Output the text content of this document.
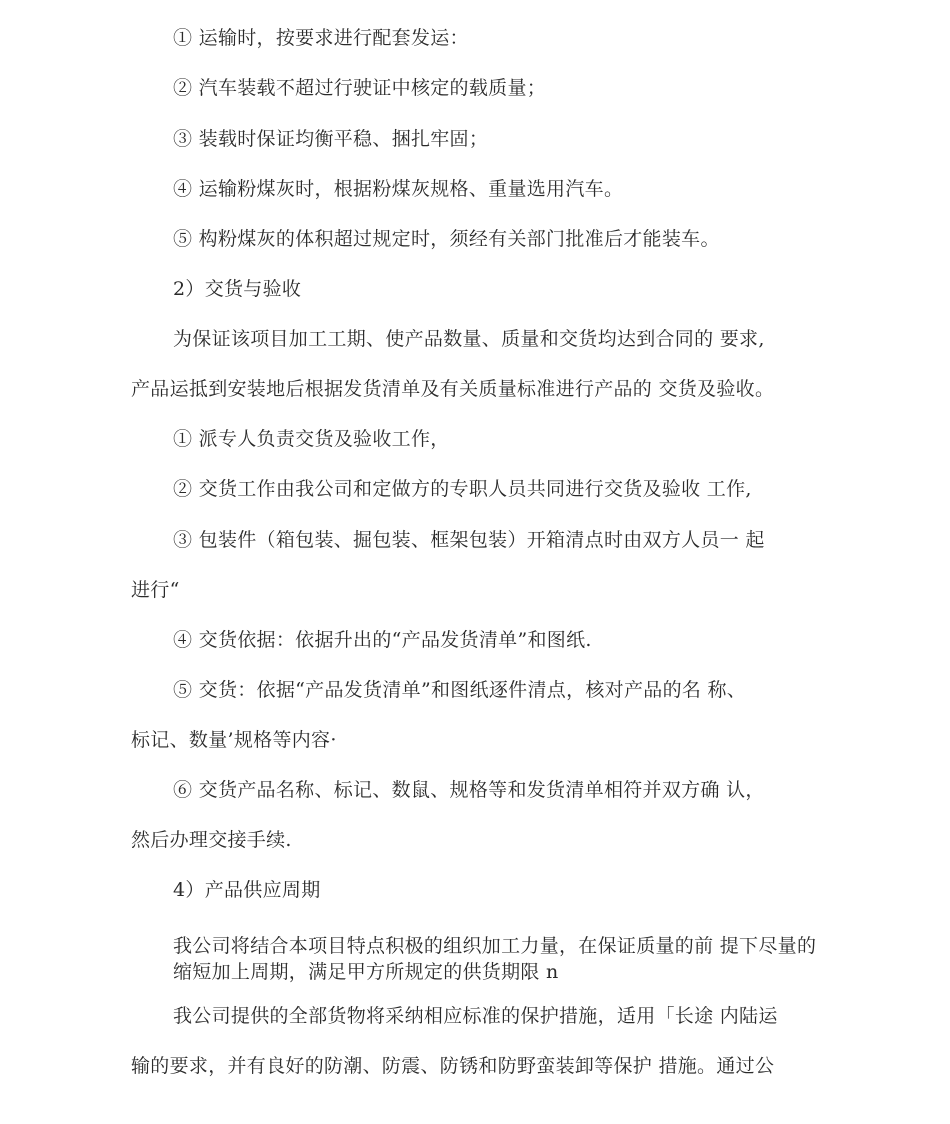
① 运输时，按要求进行配套发运：
② 汽车装载不超过行驶证中核定的载质量；
③ 装载时保证均衡平稳、捆扎牢固；
④ 运输粉煤灰时，根据粉煤灰规格、重量选用汽车。
⑤ 构粉煤灰的体积超过规定时，须经有关部门批准后才能装车。
2）交货与验收
为保证该项目加工工期、使产品数量、质量和交货均达到合同的 要求,
产品运抵到安装地后根据发货清单及有关质量标准进行产品的 交货及验收。
① 派专人负责交货及验收工作，
② 交货工作由我公司和定做方的专职人员共同进行交货及验收 工作,
③ 包装件（箱包装、掘包装、框架包装）开箱清点时由双方人员一 起
进行“
④ 交货依据：依据升出的“产品发货清单”和图纸.
⑤ 交货：依据“产品发货清单”和图纸逐件清点，核对产品的名 称、
标记、数量’规格等内容·
⑥ 交货产品名称、标记、数鼠、规格等和发货清单相符并双方确 认，
然后办理交接手续.
4）产品供应周期
我公司将结合本项目特点积极的组织加工力量，在保证质量的前 提下尽量的缩短加上周期，满足甲方所规定的供货期限 n
我公司提供的全部货物将采纳相应标准的保护措施，适用「长途 内陆运
输的要求，并有良好的防潮、防震、防锈和防野蛮装卸等保护 措施。通过公
